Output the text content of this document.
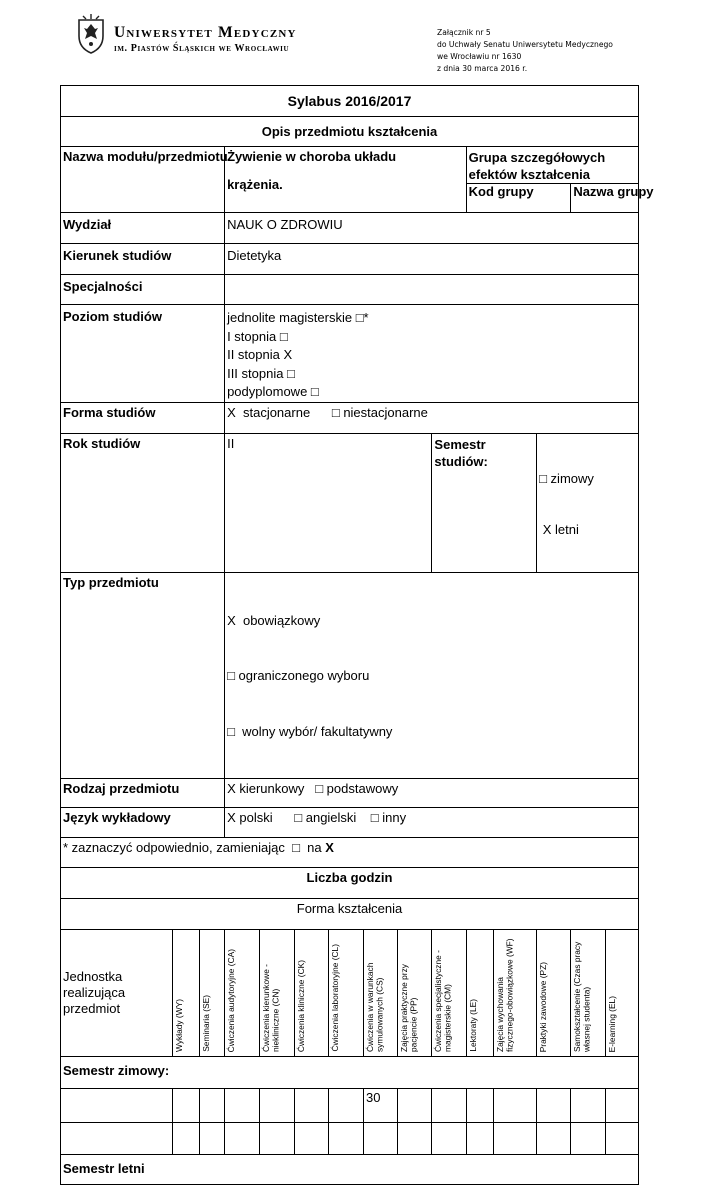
Uniwersytet Medyczny
im. Piastów Śląskich we Wrocławiu
Załącznik nr 5
do Uchwały Senatu Uniwersytetu Medycznego
we Wrocławiu nr 1630
z dnia 30 marca 2016 r.
Sylabus 2016/2017														
Opis przedmiotu kształcenia														
Nazwa modułu/przedmiotu			Żywienie w choroba układu
krążenia.							Grupa szczegółowych efektów kształcenia				
										Kod grupy			Nazwa grupy	
Wydział			NAUK O ZDROWIU											
Kierunek studiów			Dietetyka											
Specjalności														
Poziom studiów			jednolite magisterskie □*
I stopnia □
II stopnia X
III stopnia □
podyplomowe □											

Forma studiów			X  stacjonarne      □ niestacjonarne											
Rok studiów			II						Semestr studiów:			□ zimowy

X letni		

Typ przedmiotu			X  obowiązkowy

□ ograniczonego wyboru

□  wolny wybór/ fakultatywny											

Rodzaj przedmiotu			X kierunkowy   □ podstawowy											
Język wykładowy			X polski      □ angielski    □ inny											
* zaznaczyć odpowiednio, zamieniając  □  na X														
Liczba godzin														
Forma kształcenia														
Jednostka realizująca przedmiot	Wykłady (WY)	Seminaria (SE)	Ćwiczenia audytoryjne (CA)	Ćwiczenia kierunkowe - niekliniczne (CN)	Ćwiczenia kliniczne (CK)	Ćwiczenia laboratoryjne (CL)	Ćwiczenia w warunkach symulowanych (CS)	Zajęcia praktyczne przy pacjencie (PP)	Ćwiczenia specjalistyczne - magisterskie (CM)	Lektoraty (LE)	Zajęcia wychowania fizycznego-obowiązkowe (WF)	Praktyki zawodowe (PZ)	Samokształcenie (Czas pracy własnej studenta)	E-learning (EL)

Semestr zimowy:														
							30							

Semestr letni														
